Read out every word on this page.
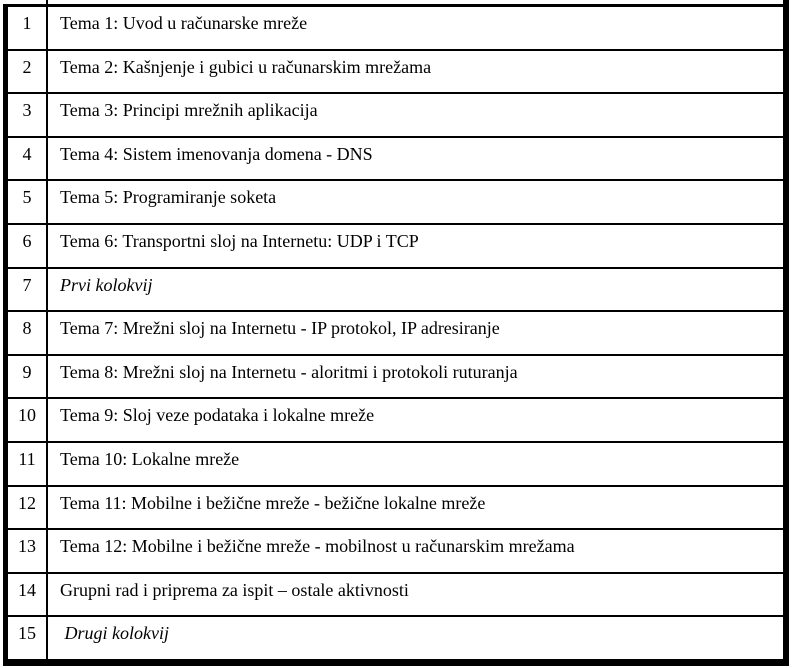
1	Tema 1: Uvod u računarske mreže
2	Tema 2: Kašnjenje i gubici u računarskim mrežama
3	Tema 3: Principi mrežnih aplikacija
4	Tema 4: Sistem imenovanja domena - DNS
5	Tema 5: Programiranje soketa
6	Tema 6: Transportni sloj na Internetu: UDP i TCP
7	Prvi kolokvij
8	Tema 7: Mrežni sloj na Internetu - IP protokol, IP adresiranje
9	Tema 8: Mrežni sloj na Internetu - aloritmi i protokoli ruturanja
10	Tema 9: Sloj veze podataka i lokalne mreže
11	Tema 10: Lokalne mreže
12	Tema 11: Mobilne i bežične mreže - bežične lokalne mreže
13	Tema 12: Mobilne i bežične mreže - mobilnost u računarskim mrežama
14	Grupni rad i priprema za ispit – ostale aktivnosti
15	Drugi kolokvij
